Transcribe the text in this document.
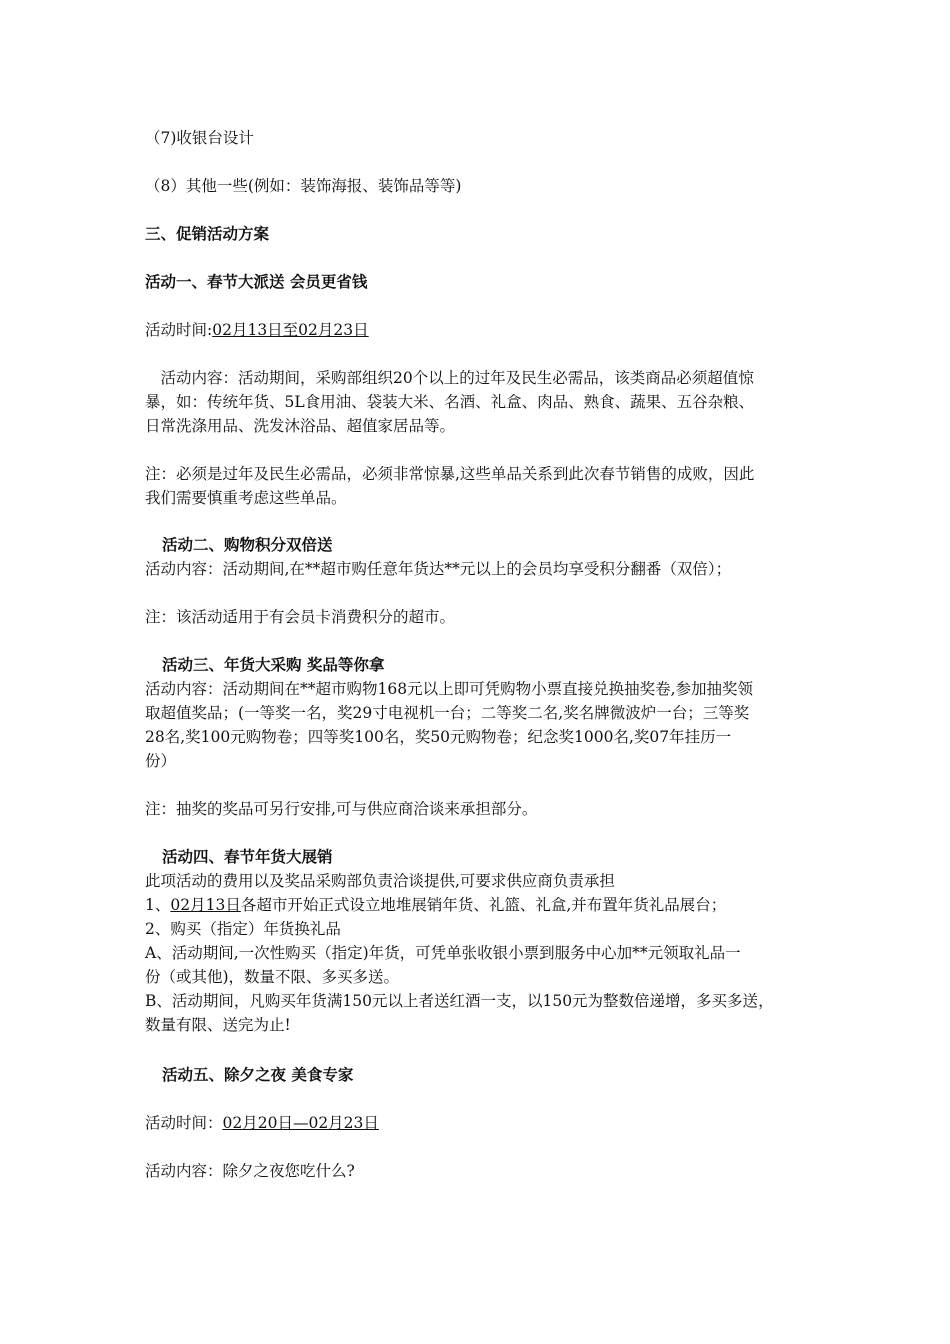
（7)收银台设计
（8）其他一些(例如：装饰海报、装饰品等等)
三、促销活动方案
活动一、春节大派送 会员更省钱
活动时间:02月13日至02月23日
　活动内容：活动期间，采购部组织20个以上的过年及民生必需品，该类商品必须超值惊
暴，如：传统年货、5L食用油、袋装大米、名酒、礼盒、肉品、熟食、蔬果、五谷杂粮、
日常洗涤用品、洗发沐浴品、超值家居品等。
注：必须是过年及民生必需品，必须非常惊暴,这些单品关系到此次春节销售的成败，因此
我们需要慎重考虑这些单品。
活动二、购物积分双倍送
活动内容：活动期间,在**超市购任意年货达**元以上的会员均享受积分翻番（双倍）；
注：该活动适用于有会员卡消费积分的超市。
活动三、年货大采购 奖品等你拿
活动内容：活动期间在**超市购物168元以上即可凭购物小票直接兑换抽奖卷,参加抽奖领
取超值奖品；(一等奖一名，奖29寸电视机一台；二等奖二名,奖名牌微波炉一台；三等奖
28名,奖100元购物卷；四等奖100名，奖50元购物卷；纪念奖1000名,奖07年挂历一
份）
注：抽奖的奖品可另行安排,可与供应商洽谈来承担部分。
活动四、春节年货大展销
此项活动的费用以及奖品采购部负责洽谈提供,可要求供应商负责承担
1、02月13日各超市开始正式设立地堆展销年货、礼篮、礼盒,并布置年货礼品展台；
2、购买（指定）年货换礼品
A、活动期间,一次性购买（指定)年货，可凭单张收银小票到服务中心加**元领取礼品一
份（或其他)，数量不限、多买多送。
B、活动期间，凡购买年货满150元以上者送红酒一支，以150元为整数倍递增，多买多送，
数量有限、送完为止!
活动五、除夕之夜 美食专家
活动时间：02月20日—02月23日
活动内容：除夕之夜您吃什么?
